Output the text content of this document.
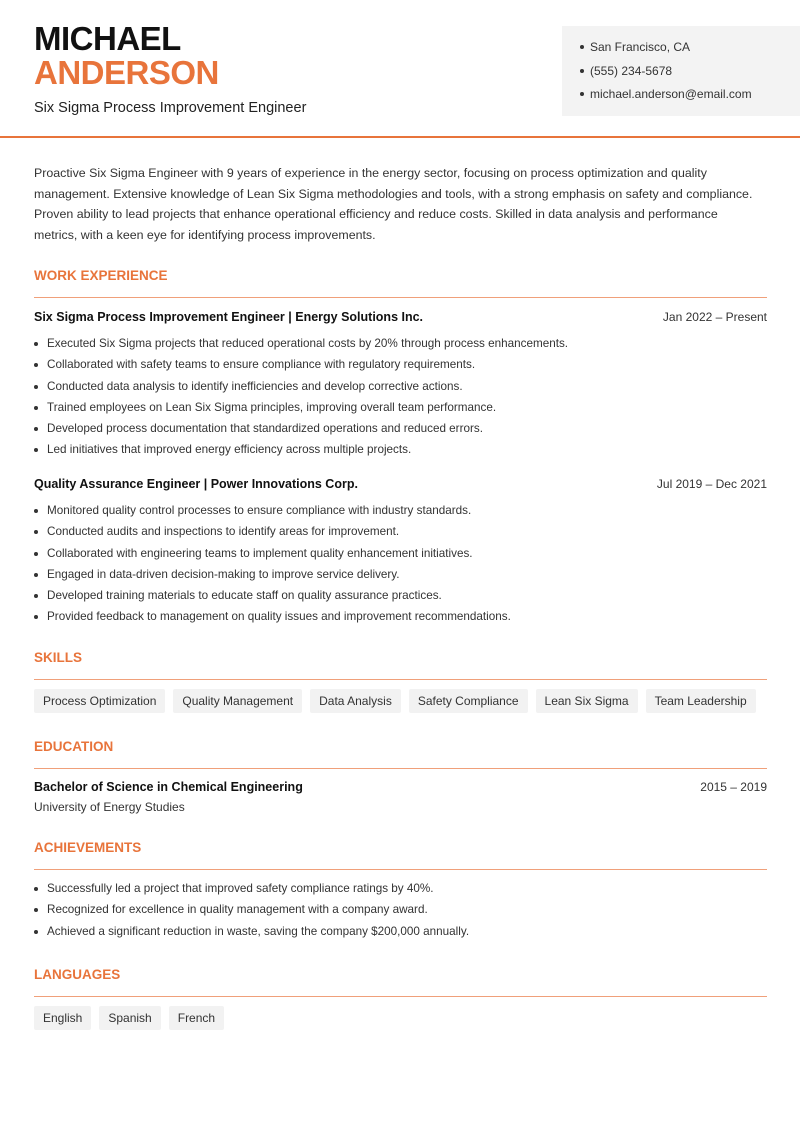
MICHAEL
ANDERSON
Six Sigma Process Improvement Engineer
San Francisco, CA
(555) 234-5678
michael.anderson@email.com
Proactive Six Sigma Engineer with 9 years of experience in the energy sector, focusing on process optimization and quality management. Extensive knowledge of Lean Six Sigma methodologies and tools, with a strong emphasis on safety and compliance. Proven ability to lead projects that enhance operational efficiency and reduce costs. Skilled in data analysis and performance metrics, with a keen eye for identifying process improvements.
WORK EXPERIENCE
Six Sigma Process Improvement Engineer | Energy Solutions Inc.	Jan 2022 – Present
Executed Six Sigma projects that reduced operational costs by 20% through process enhancements.
Collaborated with safety teams to ensure compliance with regulatory requirements.
Conducted data analysis to identify inefficiencies and develop corrective actions.
Trained employees on Lean Six Sigma principles, improving overall team performance.
Developed process documentation that standardized operations and reduced errors.
Led initiatives that improved energy efficiency across multiple projects.
Quality Assurance Engineer | Power Innovations Corp.	Jul 2019 – Dec 2021
Monitored quality control processes to ensure compliance with industry standards.
Conducted audits and inspections to identify areas for improvement.
Collaborated with engineering teams to implement quality enhancement initiatives.
Engaged in data-driven decision-making to improve service delivery.
Developed training materials to educate staff on quality assurance practices.
Provided feedback to management on quality issues and improvement recommendations.
SKILLS
Process Optimization	Quality Management	Data Analysis	Safety Compliance	Lean Six Sigma	Team Leadership
EDUCATION
Bachelor of Science in Chemical Engineering	2015 – 2019
University of Energy Studies
ACHIEVEMENTS
Successfully led a project that improved safety compliance ratings by 40%.
Recognized for excellence in quality management with a company award.
Achieved a significant reduction in waste, saving the company $200,000 annually.
LANGUAGES
English	Spanish	French
